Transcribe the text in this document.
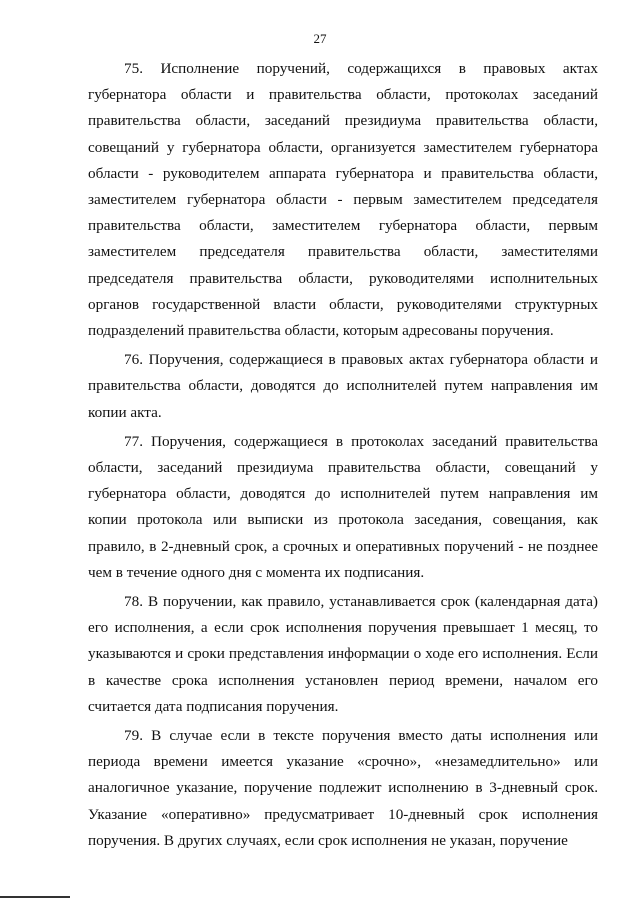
27

75. Исполнение поручений, содержащихся в правовых актах губернатора области и правительства области, протоколах заседаний правительства области, заседаний президиума правительства области, совещаний у губернатора области, организуется заместителем губернатора области - руководителем аппарата губернатора и правительства области, заместителем губернатора области - первым заместителем председателя правительства области, заместителем губернатора области, первым заместителем председателя правительства области, заместителями председателя правительства области, руководителями исполнительных органов государственной власти области, руководителями структурных подразделений правительства области, которым адресованы поручения.

76. Поручения, содержащиеся в правовых актах губернатора области и правительства области, доводятся до исполнителей путем направления им копии акта.

77. Поручения, содержащиеся в протоколах заседаний правительства области, заседаний президиума правительства области, совещаний у губернатора области, доводятся до исполнителей путем направления им копии протокола или выписки из протокола заседания, совещания, как правило, в 2-дневный срок, а срочных и оперативных поручений - не позднее чем в течение одного дня с момента их подписания.

78. В поручении, как правило, устанавливается срок (календарная дата) его исполнения, а если срок исполнения поручения превышает 1 месяц, то указываются и сроки представления информации о ходе его исполнения. Если в качестве срока исполнения установлен период времени, началом его считается дата подписания поручения.

79. В случае если в тексте поручения вместо даты исполнения или периода времени имеется указание «срочно», «незамедлительно» или аналогичное указание, поручение подлежит исполнению в 3-дневный срок. Указание «оперативно» предусматривает 10-дневный срок исполнения поручения. В других случаях, если срок исполнения не указан, поручение
